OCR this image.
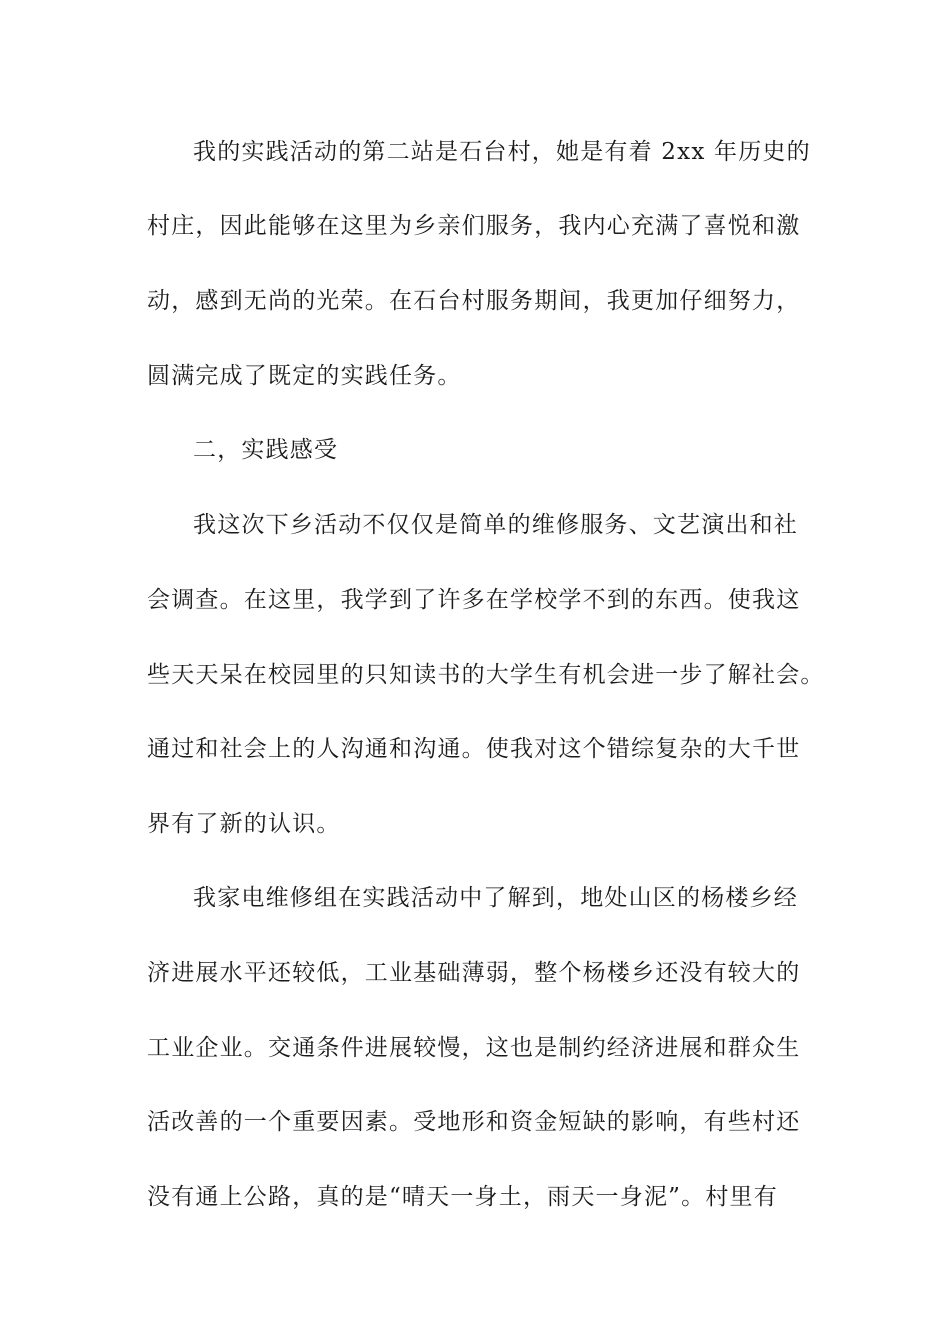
我的实践活动的第二站是石台村，她是有着 2xx 年历史的
村庄，因此能够在这里为乡亲们服务，我内心充满了喜悦和激
动，感到无尚的光荣。在石台村服务期间，我更加仔细努力，
圆满完成了既定的实践任务。
二，实践感受
我这次下乡活动不仅仅是简单的维修服务、文艺演出和社
会调查。在这里，我学到了许多在学校学不到的东西。使我这
些天天呆在校园里的只知读书的大学生有机会进一步了解社会。
通过和社会上的人沟通和沟通。使我对这个错综复杂的大千世
界有了新的认识。
我家电维修组在实践活动中了解到，地处山区的杨楼乡经
济进展水平还较低，工业基础薄弱，整个杨楼乡还没有较大的
工业企业。交通条件进展较慢，这也是制约经济进展和群众生
活改善的一个重要因素。受地形和资金短缺的影响，有些村还
没有通上公路，真的是“晴天一身土，雨天一身泥”。村里有
